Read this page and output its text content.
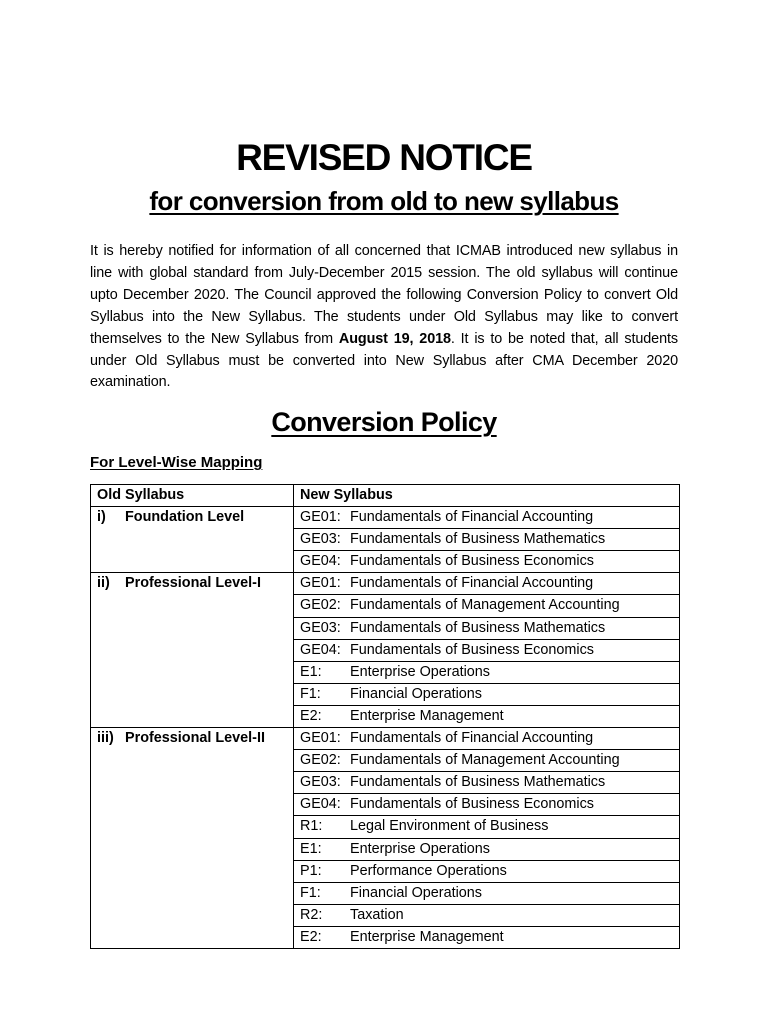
REVISED NOTICE
for conversion from old to new syllabus

It is hereby notified for information of all concerned that ICMAB introduced new syllabus in line with global standard from July-December 2015 session. The old syllabus will continue upto December 2020. The Council approved the following Conversion Policy to convert Old Syllabus into the New Syllabus. The students under Old Syllabus may like to convert themselves to the New Syllabus from August 19, 2018. It is to be noted that, all students under Old Syllabus must be converted into New Syllabus after CMA December 2020 examination.

Conversion Policy
For Level-Wise Mapping
Old Syllabus	New Syllabus
i) Foundation Level	GE01: Fundamentals of Financial Accounting
	GE03: Fundamentals of Business Mathematics
	GE04: Fundamentals of Business Economics
ii) Professional Level-I	GE01: Fundamentals of Financial Accounting
	GE02: Fundamentals of Management Accounting
	GE03: Fundamentals of Business Mathematics
	GE04: Fundamentals of Business Economics
	E1: Enterprise Operations
	F1: Financial Operations
	E2: Enterprise Management
iii) Professional Level-II	GE01: Fundamentals of Financial Accounting
	GE02: Fundamentals of Management Accounting
	GE03: Fundamentals of Business Mathematics
	GE04: Fundamentals of Business Economics
	R1: Legal Environment of Business
	E1: Enterprise Operations
	P1: Performance Operations
	F1: Financial Operations
	R2: Taxation
	E2: Enterprise Management
